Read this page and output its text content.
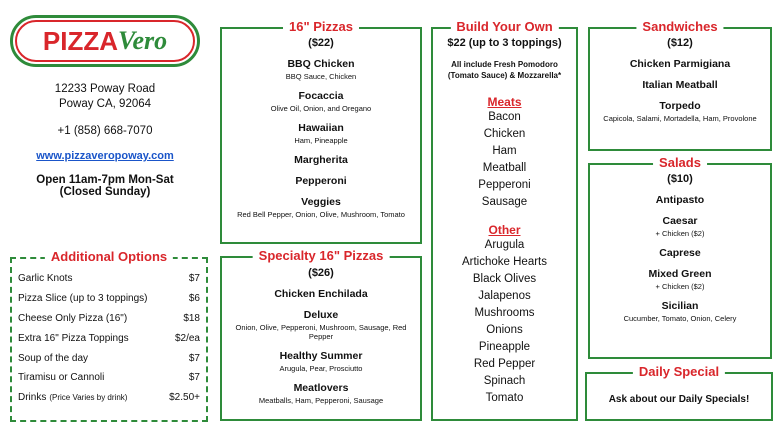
PIZZA Vero
12233 Poway Road
Poway CA, 92064
+1 (858) 668-7070
www.pizzaveropoway.com
Open 11am-7pm Mon-Sat
(Closed Sunday)
Additional Options
Garlic Knots	$7
Pizza Slice (up to 3 toppings)	$6
Cheese Only Pizza (16")	$18
Extra 16" Pizza Toppings	$2/ea
Soup of the day	$7
Tiramisu or Cannoli	$7
Drinks (Price Varies by drink)	$2.50+
16" Pizzas
($22)
BBQ Chicken
BBQ Sauce, Chicken
Focaccia
Olive Oil, Onion, and Oregano
Hawaiian
Ham, Pineapple
Margherita
Pepperoni
Veggies
Red Bell Pepper, Onion, Olive, Mushroom, Tomato
Specialty 16" Pizzas
($26)
Chicken Enchilada
Deluxe
Onion, Olive, Pepperoni, Mushroom, Sausage, Red Pepper
Healthy Summer
Arugula, Pear, Prosciutto
Meatlovers
Meatballs, Ham, Pepperoni, Sausage
Build Your Own
$22 (up to 3 toppings)
All include Fresh Pomodoro
(Tomato Sauce) & Mozzarella*
Meats
Bacon
Chicken
Ham
Meatball
Pepperoni
Sausage
Other
Arugula
Artichoke Hearts
Black Olives
Jalapenos
Mushrooms
Onions
Pineapple
Red Pepper
Spinach
Tomato
Sandwiches
($12)
Chicken Parmigiana
Italian Meatball
Torpedo
Capicola, Salami, Mortadella, Ham, Provolone
Salads
($10)
Antipasto
Caesar
+ Chicken ($2)
Caprese
Mixed Green
+ Chicken ($2)
Sicilian
Cucumber, Tomato, Onion, Celery
Daily Special
Ask about our Daily Specials!
